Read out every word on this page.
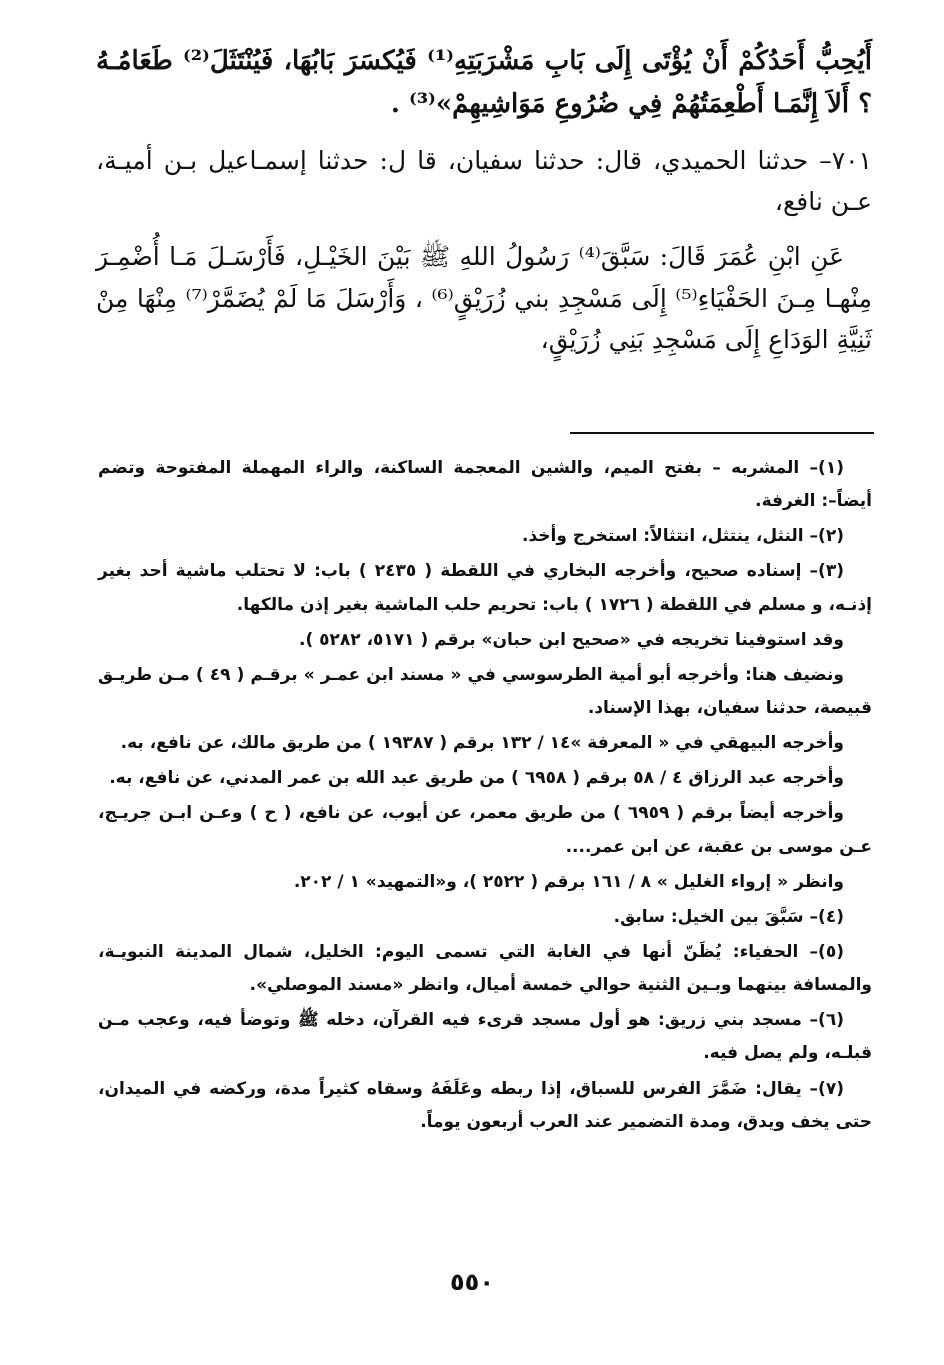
أَيُحِبُّ أَحَدُكُمْ أَنْ يُؤْتَى إِلَى بَابِ مَشْرَبَتِهِ⁽¹⁾ فَيُكسَرَ بَابُهَا، فَيُنْتَثَلَ⁽²⁾ طَعَامُـهُ ؟ أَلاَ إِنَّمَـا أَطْعِمَتُهُمْ فِي ضُرُوعِ مَوَاشِيهِمْ»⁽³⁾ .

٧٠١– حدثنا الحميدي، قال: حدثنا سفيان، قا ل: حدثنا إسمـاعيل بـن أميـة، عـن نافع،

عَنِ ابْنِ عُمَرَ قَالَ: سَبَّقَ⁽⁴⁾ رَسُولُ اللهِ ﷺ بَيْنَ الخَيْـلِ، فَأَرْسَـلَ مَـا أُضْمِـرَ مِنْهـا مِـنَ الحَفْيَاءِ⁽⁵⁾ إِلَى مَسْجِدِ بني زُرَيْقٍ⁽⁶⁾ ، وَأَرْسَلَ مَا لَمْ يُضَمَّرْ⁽⁷⁾ مِنْهَا مِنْ ثَنِيَّةِ الوَدَاعِ إِلَى مَسْجِدِ بَنِي زُرَيْقٍ،

(١)– المشربه – بفتح الميم، والشين المعجمة الساكنة، والراء المهملة المفتوحة وتضم أيضاً–: الغرفة.

(٢)– النثل، ينتثل، انتثالاً: استخرج وأخذ.

(٣)– إسناده صحيح، وأخرجه البخاري في اللقطة ( ٢٤٣٥ ) باب: لا تحتلب ماشية أحد بغير إذنـه، و مسلم في اللقطة ( ١٧٢٦ ) باب: تحريم حلب الماشية بغير إذن مالكها.

وقد استوفينا تخريجه في «صحيح ابن حبان» برقم ( ٥١٧١، ٥٢٨٢ ).

ونضيف هنا: وأخرجه أبو أمية الطرسوسي في « مسند ابن عمـر » برقـم ( ٤٩ ) مـن طريـق قبيصة، حدثنا سفيان، بهذا الإسناد.

وأخرجه البيهقي في « المعرفة »١٤ / ١٣٢ برقم ( ١٩٣٨٧ ) من طريق مالك، عن نافع، به.

وأخرجه عبد الرزاق ٤ / ٥٨ برقم ( ٦٩٥٨ ) من طريق عبد الله بن عمر المدني، عن نافع، به.

وأخرجه أيضاً برقم ( ٦٩٥٩ ) من طريق معمر، عن أيوب، عن نافع، ( ح ) وعـن ابـن جريـج، عـن موسى بن عقبة، عن ابن عمر....

وانظر « إرواء الغليل » ٨ / ١٦١ برقم ( ٢٥٢٢ )، و«التمهيد» ١ / ٢٠٢.

(٤)– سَبَّقَ بين الخيل: سابق.

(٥)– الحفياء: يُظَنّ أنها في الغابة التي تسمى اليوم: الخليل، شمال المدينة النبويـة، والمسافة بينهما وبـين الثنية حوالي خمسة أميال، وانظر «مسند الموصلي».

(٦)– مسجد بني زريق: هو أول مسجد قرىء فيه القرآن، دخله ﷺ وتوضأ فيه، وعجب مـن قبلـه، ولم يصل فيه.

(٧)– يقال: ضَمَّرَ الفرس للسباق، إذا ربطه وعَلَفَهُ وسقاه كثيراً مدة، وركضه في الميدان، حتى يخف ويدق، ومدة التضمير عند العرب أربعون يوماً.

٥٥٠
